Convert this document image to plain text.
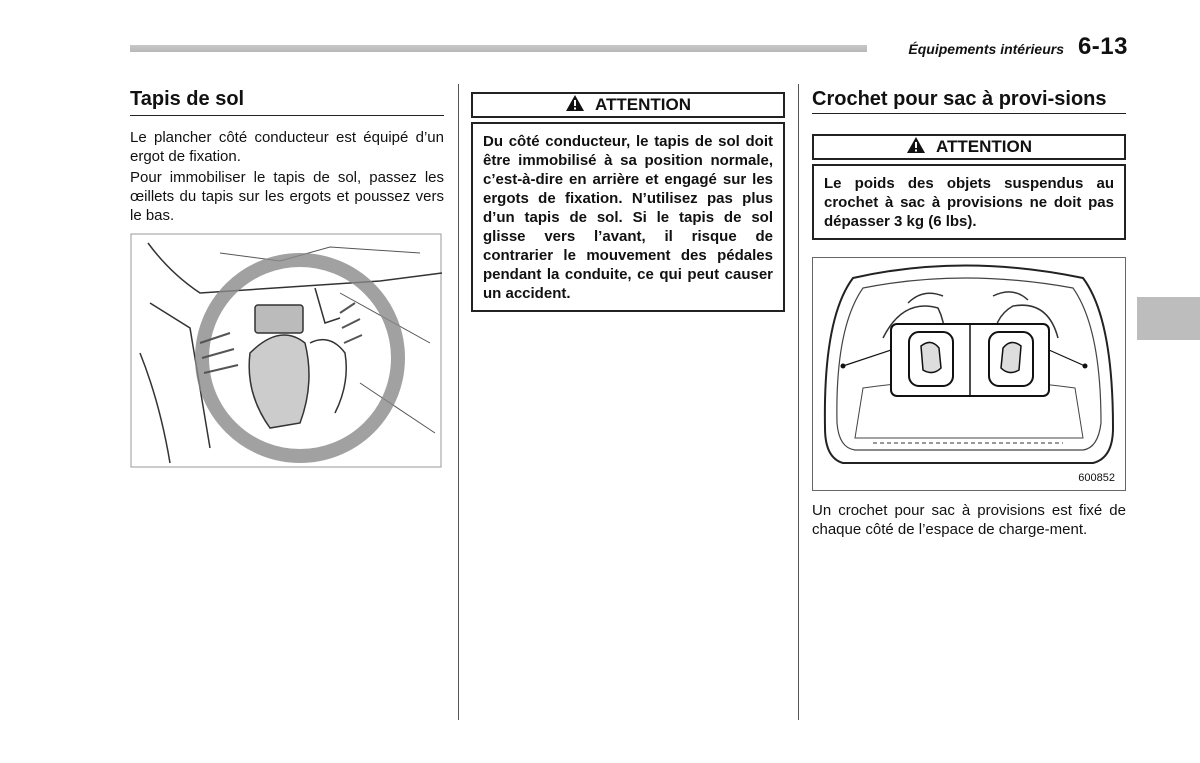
Équipements intérieurs 6-13
Tapis de sol

Le plancher côté conducteur est équipé d’un ergot de fixation.

Pour immobiliser le tapis de sol, passez les œillets du tapis sur les ergots et poussez vers le bas.

ATTENTION
Du côté conducteur, le tapis de sol doit être immobilisé à sa position normale, c’est-à-dire en arrière et engagé sur les ergots de fixation. N’utilisez pas plus d’un tapis de sol. Si le tapis de sol glisse vers l’avant, il risque de contrarier le mouvement des pédales pendant la conduite, ce qui peut causer un accident.
Crochet pour sac à provi-sions
ATTENTION
Le poids des objets suspendus au crochet à sac à provisions ne doit pas dépasser 3 kg (6 lbs).
600852

Un crochet pour sac à provisions est fixé de chaque côté de l’espace de charge-ment.
